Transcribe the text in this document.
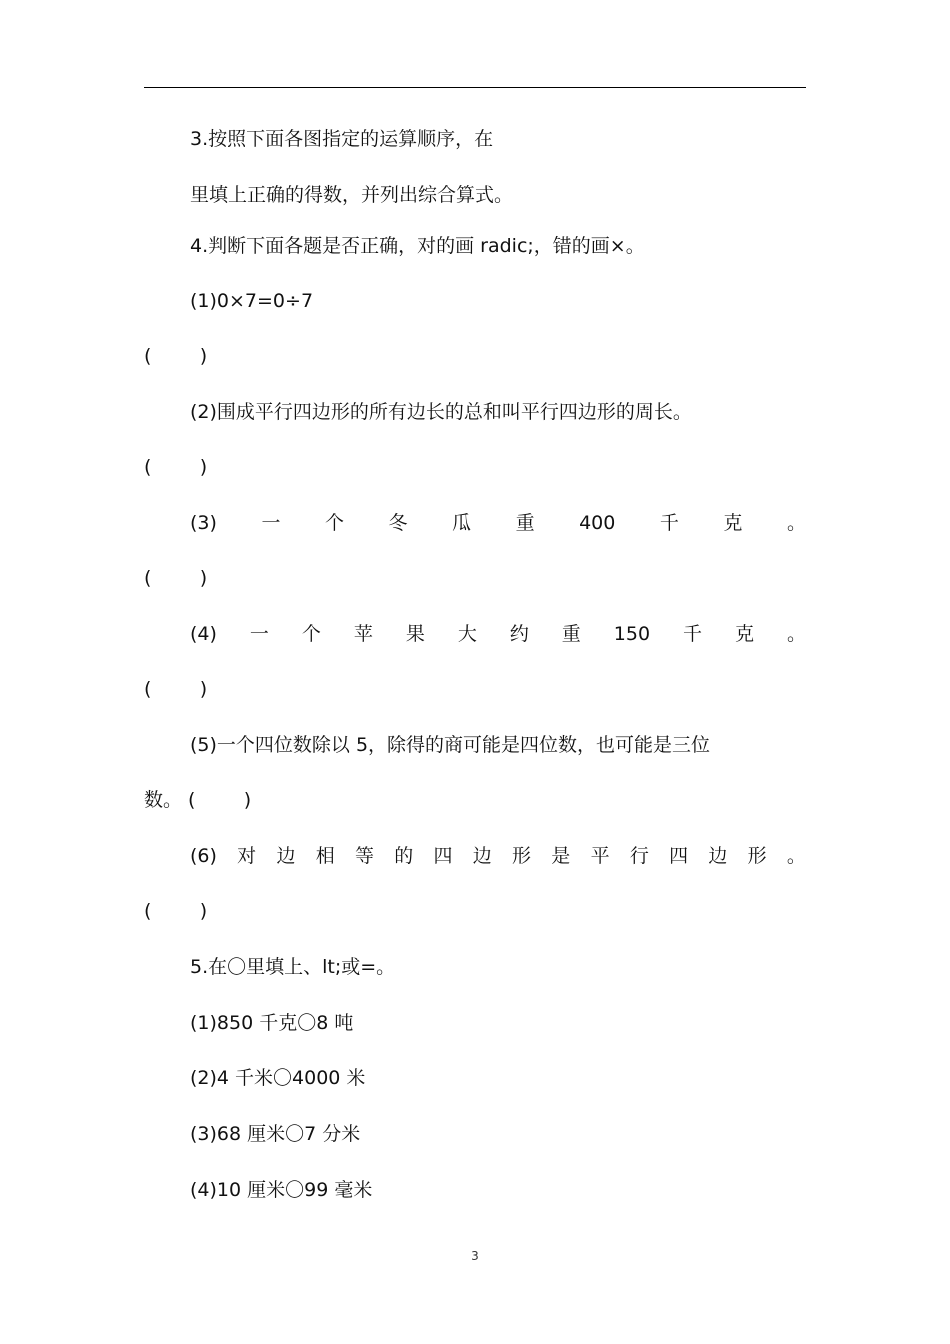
3.按照下面各图指定的运算顺序，在
里填上正确的得数，并列出综合算式。
4.判断下面各题是否正确，对的画 radic;，错的画×。
(1)0×7=0÷7
(        )
(2)围成平行四边形的所有边长的总和叫平行四边形的周长。
(        )
(3) 一 个 冬 瓜 重 400 千 克 。
(        )
(4) 一 个 苹 果 大 约 重 150 千 克 。
(        )
(5)一个四位数除以 5，除得的商可能是四位数，也可能是三位
数。 (        )
(6) 对 边 相 等 的 四 边 形 是 平 行 四 边 形 。
(        )
5.在〇里填上、lt;或=。
(1)850 千克〇8 吨
(2)4 千米〇4000 米
(3)68 厘米〇7 分米
(4)10 厘米〇99 毫米
3
